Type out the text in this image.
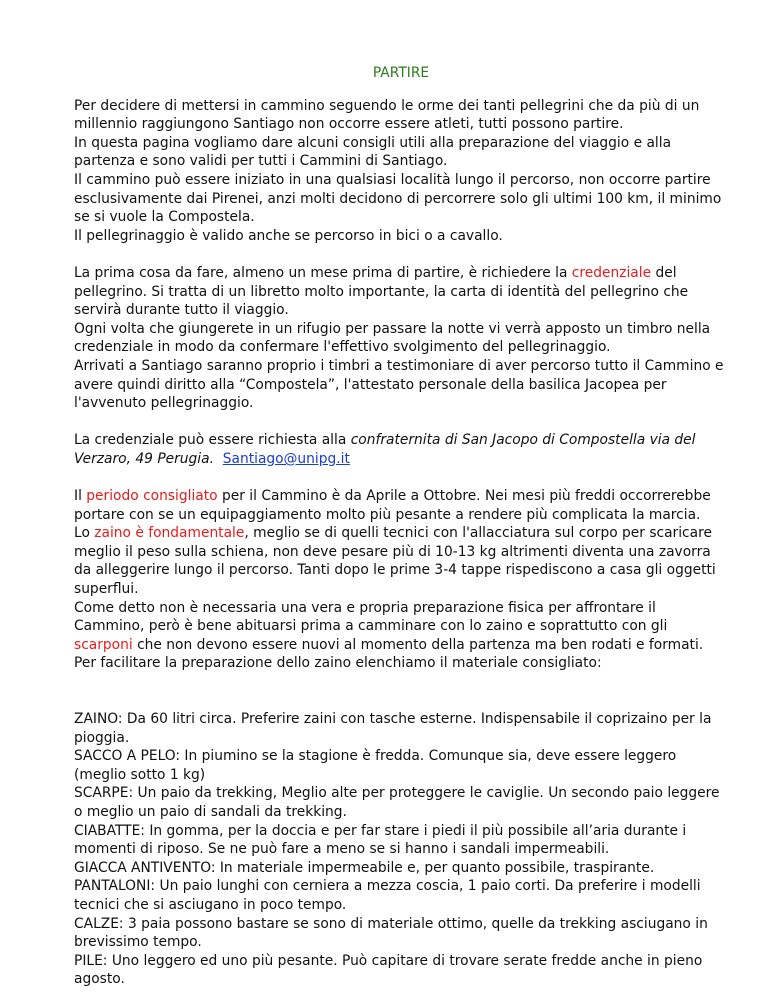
PARTIRE

Per decidere di mettersi in cammino seguendo le orme dei tanti pellegrini che da più di un millennio raggiungono Santiago non occorre essere atleti, tutti possono partire.
In questa pagina vogliamo dare alcuni consigli utili alla preparazione del viaggio e alla partenza e sono validi per tutti i Cammini di Santiago.
Il cammino può essere iniziato in una qualsiasi località lungo il percorso, non occorre partire esclusivamente dai Pirenei, anzi molti decidono di percorrere solo gli ultimi 100 km, il minimo se si vuole la Compostela.
Il pellegrinaggio è valido anche se percorso in bici o a cavallo.

La prima cosa da fare, almeno un mese prima di partire, è richiedere la credenziale del pellegrino. Si tratta di un libretto molto importante, la carta di identità del pellegrino che servirà durante tutto il viaggio.
Ogni volta che giungerete in un rifugio per passare la notte vi verrà apposto un timbro nella credenziale in modo da confermare l'effettivo svolgimento del pellegrinaggio.
Arrivati a Santiago saranno proprio i timbri a testimoniare di aver percorso tutto il Cammino e avere quindi diritto alla “Compostela”, l'attestato personale della basilica Jacopea per l'avvenuto pellegrinaggio.

La credenziale può essere richiesta alla confraternita di San Jacopo di Compostella via del Verzaro, 49 Perugia. Santiago@unipg.it

Il periodo consigliato per il Cammino è da Aprile a Ottobre. Nei mesi più freddi occorrerebbe portare con se un equipaggiamento molto più pesante a rendere più complicata la marcia.
Lo zaino è fondamentale, meglio se di quelli tecnici con l'allacciatura sul corpo per scaricare meglio il peso sulla schiena, non deve pesare più di 10-13 kg altrimenti diventa una zavorra da alleggerire lungo il percorso. Tanti dopo le prime 3-4 tappe rispediscono a casa gli oggetti superflui.
Come detto non è necessaria una vera e propria preparazione fisica per affrontare il Cammino, però è bene abituarsi prima a camminare con lo zaino e soprattutto con gli scarponi che non devono essere nuovi al momento della partenza ma ben rodati e formati.
Per facilitare la preparazione dello zaino elenchiamo il materiale consigliato:

ZAINO: Da 60 litri circa. Preferire zaini con tasche esterne. Indispensabile il coprizaino per la pioggia.
SACCO A PELO: In piumino se la stagione è fredda. Comunque sia, deve essere leggero (meglio sotto 1 kg)
SCARPE: Un paio da trekking, Meglio alte per proteggere le caviglie. Un secondo paio leggere o meglio un paio di sandali da trekking.
CIABATTE: In gomma, per la doccia e per far stare i piedi il più possibile all’aria durante i momenti di riposo. Se ne può fare a meno se si hanno i sandali impermeabili.
GIACCA ANTIVENTO: In materiale impermeabile e, per quanto possibile, traspirante.
PANTALONI: Un paio lunghi con cerniera a mezza coscia, 1 paio corti. Da preferire i modelli tecnici che si asciugano in poco tempo.
CALZE: 3 paia possono bastare se sono di materiale ottimo, quelle da trekking asciugano in brevissimo tempo.
PILE: Uno leggero ed uno più pesante. Può capitare di trovare serate fredde anche in pieno agosto.
